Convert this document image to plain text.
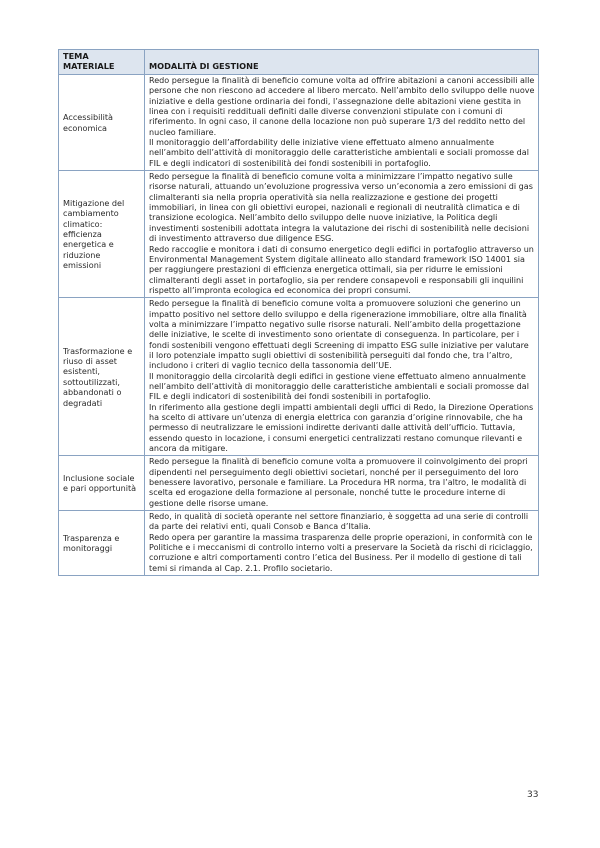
TEMA MATERIALE	MODALITÀ DI GESTIONE
Accessibilità economica	Redo persegue la finalità di beneficio comune volta ad offrire abitazioni a canoni accessibili alle persone che non riescono ad accedere al libero mercato. Nell’ambito dello sviluppo delle nuove iniziative e della gestione ordinaria dei fondi, l’assegnazione delle abitazioni viene gestita in linea con i requisiti reddituali definiti dalle diverse convenzioni stipulate con i comuni di riferimento. In ogni caso, il canone della locazione non può superare 1/3 del reddito netto del nucleo familiare.

Il monitoraggio dell’affordability delle iniziative viene effettuato almeno annualmente nell’ambito dell’attività di monitoraggio delle caratteristiche ambientali e sociali promosse dal FIL e degli indicatori di sostenibilità dei fondi sostenibili in portafoglio.

Mitigazione del cambiamento climatico: efficienza energetica e riduzione emissioni	Redo persegue la finalità di beneficio comune volta a minimizzare l’impatto negativo sulle risorse naturali, attuando un’evoluzione progressiva verso un’economia a zero emissioni di gas climalteranti sia nella propria operatività sia nella realizzazione e gestione dei progetti immobiliari, in linea con gli obiettivi europei, nazionali e regionali di neutralità climatica e di transizione ecologica. Nell’ambito dello sviluppo delle nuove iniziative, la Politica degli investimenti sostenibili adottata integra la valutazione dei rischi di sostenibilità nelle decisioni di investimento attraverso due diligence ESG.

Redo raccoglie e monitora i dati di consumo energetico degli edifici in portafoglio attraverso un Environmental Management System digitale allineato allo standard framework ISO 14001 sia per raggiungere prestazioni di efficienza energetica ottimali, sia per ridurre le emissioni climalteranti degli asset in portafoglio, sia per rendere consapevoli e responsabili gli inquilini rispetto all’impronta ecologica ed economica dei propri consumi.

Trasformazione e riuso di asset esistenti, sottoutilizzati, abbandonati o degradati	Redo persegue la finalità di beneficio comune volta a promuovere soluzioni che generino un impatto positivo nel settore dello sviluppo e della rigenerazione immobiliare, oltre alla finalità volta a minimizzare l’impatto negativo sulle risorse naturali. Nell’ambito della progettazione delle iniziative, le scelte di investimento sono orientate di conseguenza. In particolare, per i fondi sostenibili vengono effettuati degli Screening di impatto ESG sulle iniziative per valutare il loro potenziale impatto sugli obiettivi di sostenibilità perseguiti dal fondo che, tra l’altro, includono i criteri di vaglio tecnico della tassonomia dell’UE.

Il monitoraggio della circolarità degli edifici in gestione viene effettuato almeno annualmente nell’ambito dell’attività di monitoraggio delle caratteristiche ambientali e sociali promosse dal FIL e degli indicatori di sostenibilità dei fondi sostenibili in portafoglio.

In riferimento alla gestione degli impatti ambientali degli uffici di Redo, la Direzione Operations ha scelto di attivare un’utenza di energia elettrica con garanzia d’origine rinnovabile, che ha permesso di neutralizzare le emissioni indirette derivanti dalle attività dell’ufficio. Tuttavia, essendo questo in locazione, i consumi energetici centralizzati restano comunque rilevanti e ancora da mitigare.

Inclusione sociale e pari opportunità	Redo persegue la finalità di beneficio comune volta a promuovere il coinvolgimento dei propri dipendenti nel perseguimento degli obiettivi societari, nonché per il perseguimento del loro benessere lavorativo, personale e familiare. La Procedura HR norma, tra l’altro, le modalità di scelta ed erogazione della formazione al personale, nonché tutte le procedure interne di gestione delle risorse umane.

Trasparenza e monitoraggi	Redo, in qualità di società operante nel settore finanziario, è soggetta ad una serie di controlli da parte dei relativi enti, quali Consob e Banca d’Italia.

Redo opera per garantire la massima trasparenza delle proprie operazioni, in conformità con le Politiche e i meccanismi di controllo interno volti a preservare la Società da rischi di riciclaggio, corruzione e altri comportamenti contro l’etica del Business. Per il modello di gestione di tali temi si rimanda al Cap. 2.1. Profilo societario.

33
